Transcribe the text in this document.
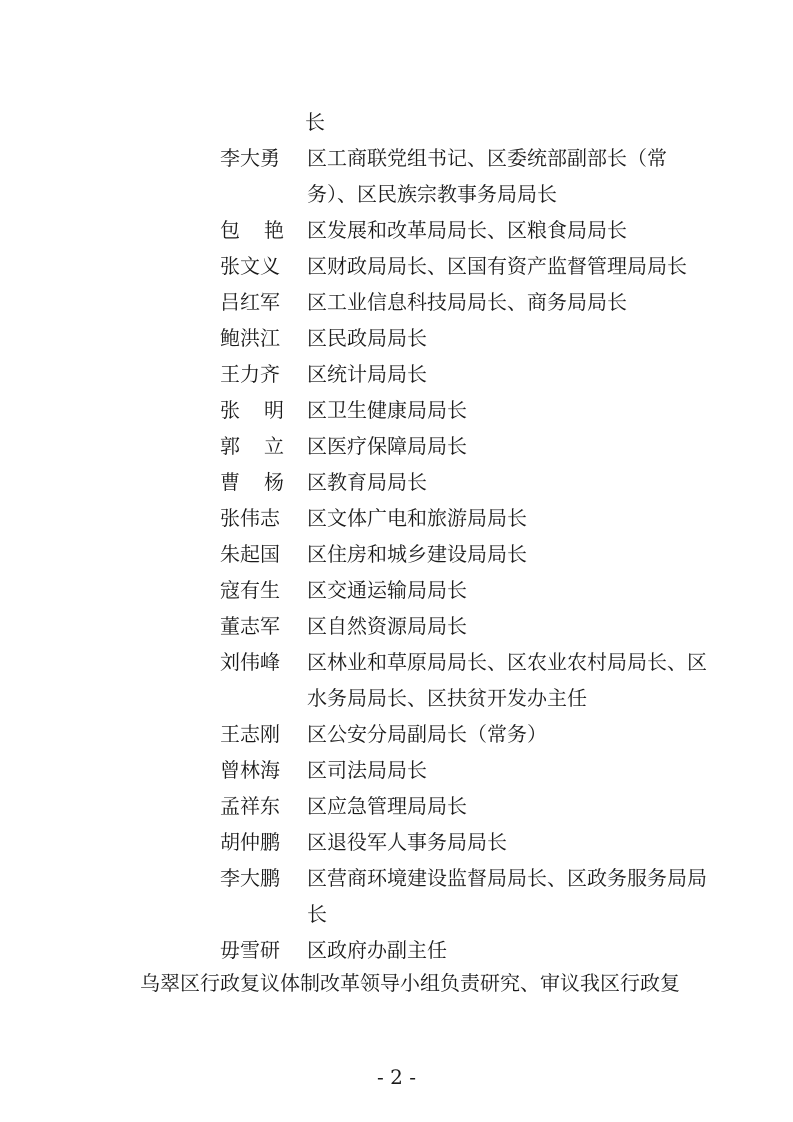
长
李大勇	区工商联党组书记、区委统部副部长（常务）、区民族宗教事务局局长
包艳 区发展和改革局局长、区粮食局局长
张文义	区财政局局长、区国有资产监督管理局局长
吕红军	区工业信息科技局局长、商务局局长
鲍洪江	区民政局局长
王力齐	区统计局局长
张明 区卫生健康局局长
郭立 区医疗保障局局长
曹杨 区教育局局长
张伟志	区文体广电和旅游局局长
朱起国	区住房和城乡建设局局长
寇有生	区交通运输局局长
董志军	区自然资源局局长
刘伟峰	区林业和草原局局长、区农业农村局局长、区水务局局长、区扶贫开发办主任
王志刚	区公安分局副局长（常务）
曾林海	区司法局局长
孟祥东	区应急管理局局长
胡仲鹏	区退役军人事务局局长
李大鹏	区营商环境建设监督局局长、区政务服务局局长
毋雪研	区政府办副主任
乌翠区行政复议体制改革领导小组负责研究、审议我区行政复
- 2 -
